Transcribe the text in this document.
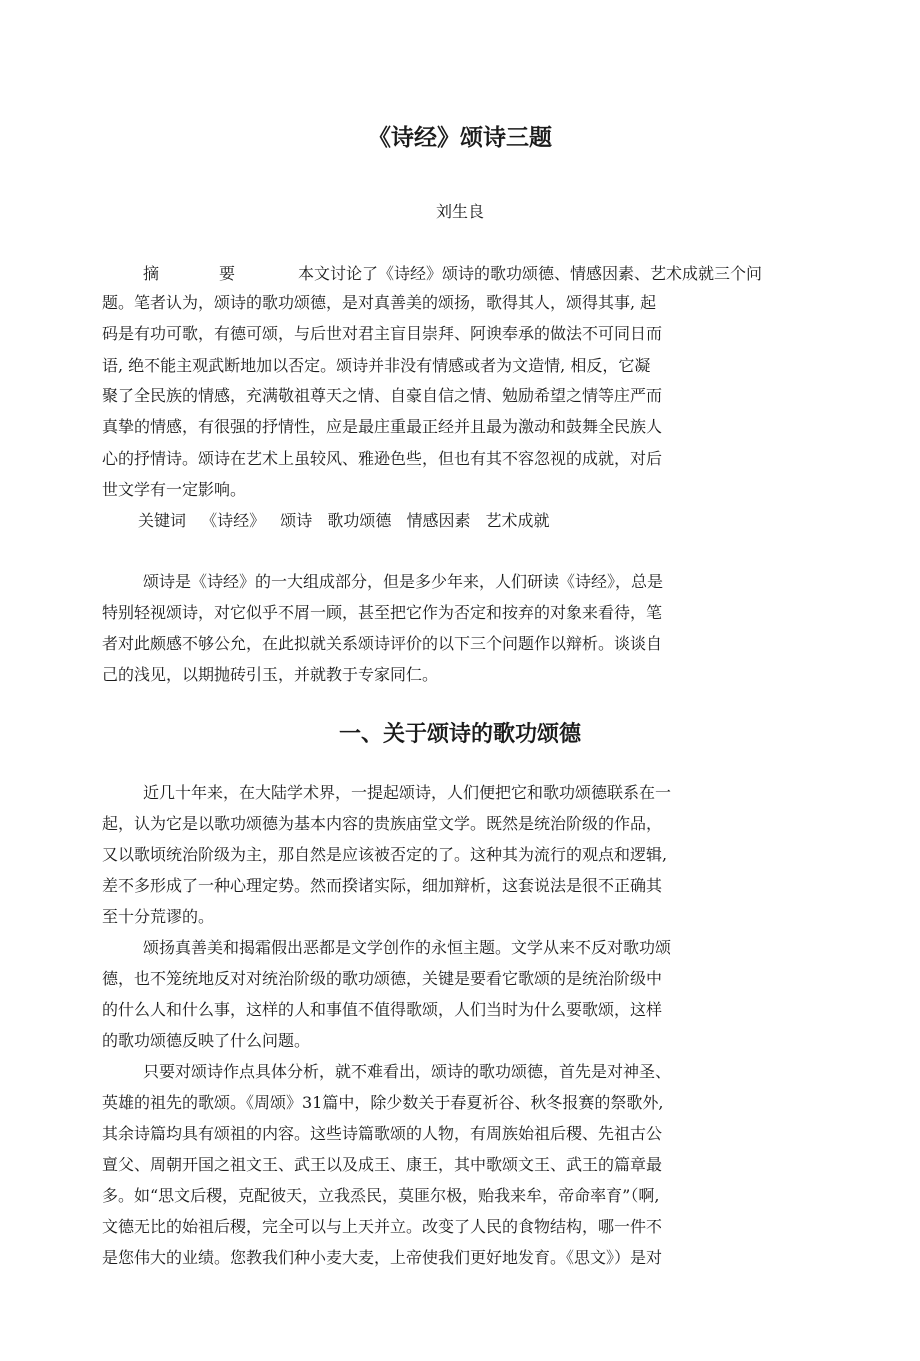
《诗经》颂诗三题
刘生良
摘	要	本文讨论了《诗经》颂诗的歌功颂德、情感因素、艺术成就三个问
题。笔者认为，颂诗的歌功颂德，是对真善美的颂扬，歌得其人，颂得其事, 起
码是有功可歌，有德可颂，与后世对君主盲目崇拜、阿谀奉承的做法不可同日而
语, 绝不能主观武断地加以否定。颂诗并非没有情感或者为文造情, 相反，它凝
聚了全民族的情感，充满敬祖尊天之情、自豪自信之情、勉励希望之情等庄严而
真挚的情感，有很强的抒情性，应是最庄重最正经并且最为激动和鼓舞全民族人
心的抒情诗。颂诗在艺术上虽较风、雅逊色些，但也有其不容忽视的成就，对后
世文学有一定影响。
关键词 《诗经》 颂诗 歌功颂德 情感因素 艺术成就
颂诗是《诗经》的一大组成部分，但是多少年来，人们研读《诗经》，总是
特别轻视颂诗，对它似乎不屑一顾，甚至把它作为否定和按弃的对象来看待，笔
者对此颇感不够公允，在此拟就关系颂诗评价的以下三个问题作以辩析。谈谈自
己的浅见，以期抛砖引玉，并就教于专家同仁。
一、关于颂诗的歌功颂德
近几十年来，在大陆学术界，一提起颂诗，人们便把它和歌功颂德联系在一
起，认为它是以歌功颂德为基本内容的贵族庙堂文学。既然是统治阶级的作品，
又以歌顷统治阶级为主，那自然是应该被否定的了。这种其为流行的观点和逻辑,
差不多形成了一种心理定势。然而揆诸实际，细加辩析，这套说法是很不正确其
至十分荒谬的。
颂扬真善美和揭霜假出恶都是文学创作的永恒主题。文学从来不反对歌功颂
德，也不笼统地反对对统治阶级的歌功颂德，关键是要看它歌颂的是统治阶级中
的什么人和什么事，这样的人和事值不值得歌颂，人们当时为什么要歌颂，这样
的歌功颂德反映了什么问题。
只要对颂诗作点具体分析，就不难看出，颂诗的歌功颂德，首先是对神圣、
英雄的祖先的歌颂。《周颂》31篇中，除少数关于春夏祈谷、秋冬报赛的祭歌外,
其余诗篇均具有颂祖的内容。这些诗篇歌颂的人物，有周族始祖后稷、先祖古公
亶父、周朝开国之祖文王、武王以及成王、康王，其中歌颂文王、武王的篇章最
多。如“思文后稷，克配彼天，立我烝民，莫匪尔极，贻我来牟，帝命率育”（啊,
文德无比的始祖后稷，完全可以与上天并立。改变了人民的食物结构，哪一件不
是您伟大的业绩。您教我们种小麦大麦，上帝使我们更好地发育。《思文》）是对
